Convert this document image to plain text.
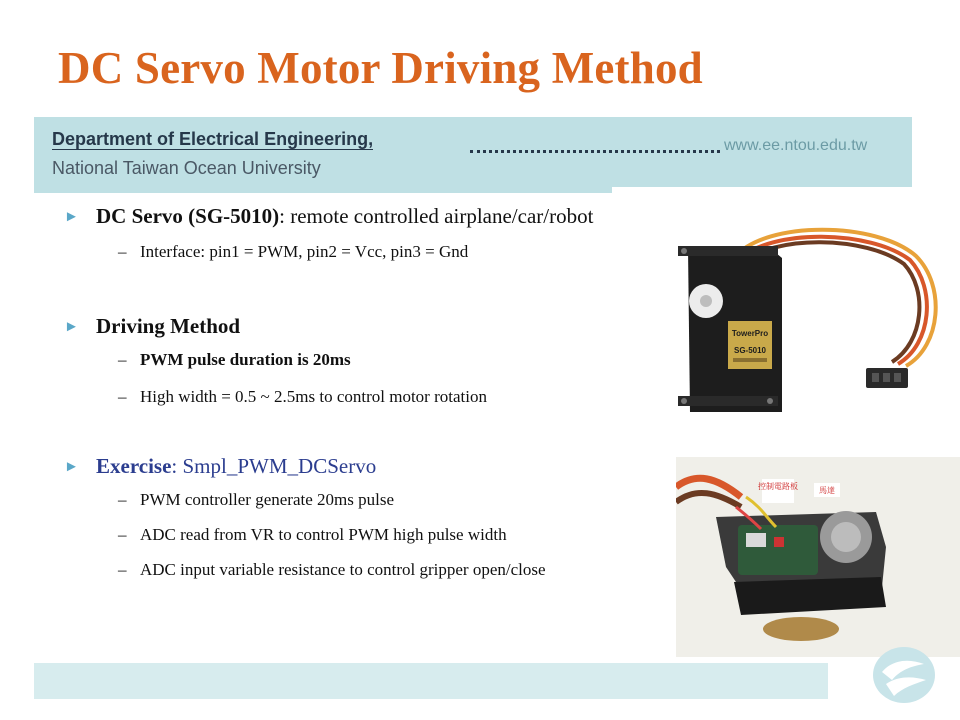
DC Servo Motor Driving Method
Department of Electrical Engineering,
National Taiwan Ocean University
www.ee.ntou.edu.tw
► DC Servo (SG-5010): remote controlled airplane/car/robot
– Interface: pin1 = PWM, pin2 = Vcc, pin3 = Gnd
► Driving Method
– PWM pulse duration is 20ms
– High width = 0.5 ~ 2.5ms to control motor rotation
► Exercise: Smpl_PWM_DCServo
– PWM controller generate 20ms pulse
– ADC read from VR to control PWM high pulse width
– ADC input variable resistance to control gripper open/close
TowerPro
SG-5010
控制電路板	馬達
